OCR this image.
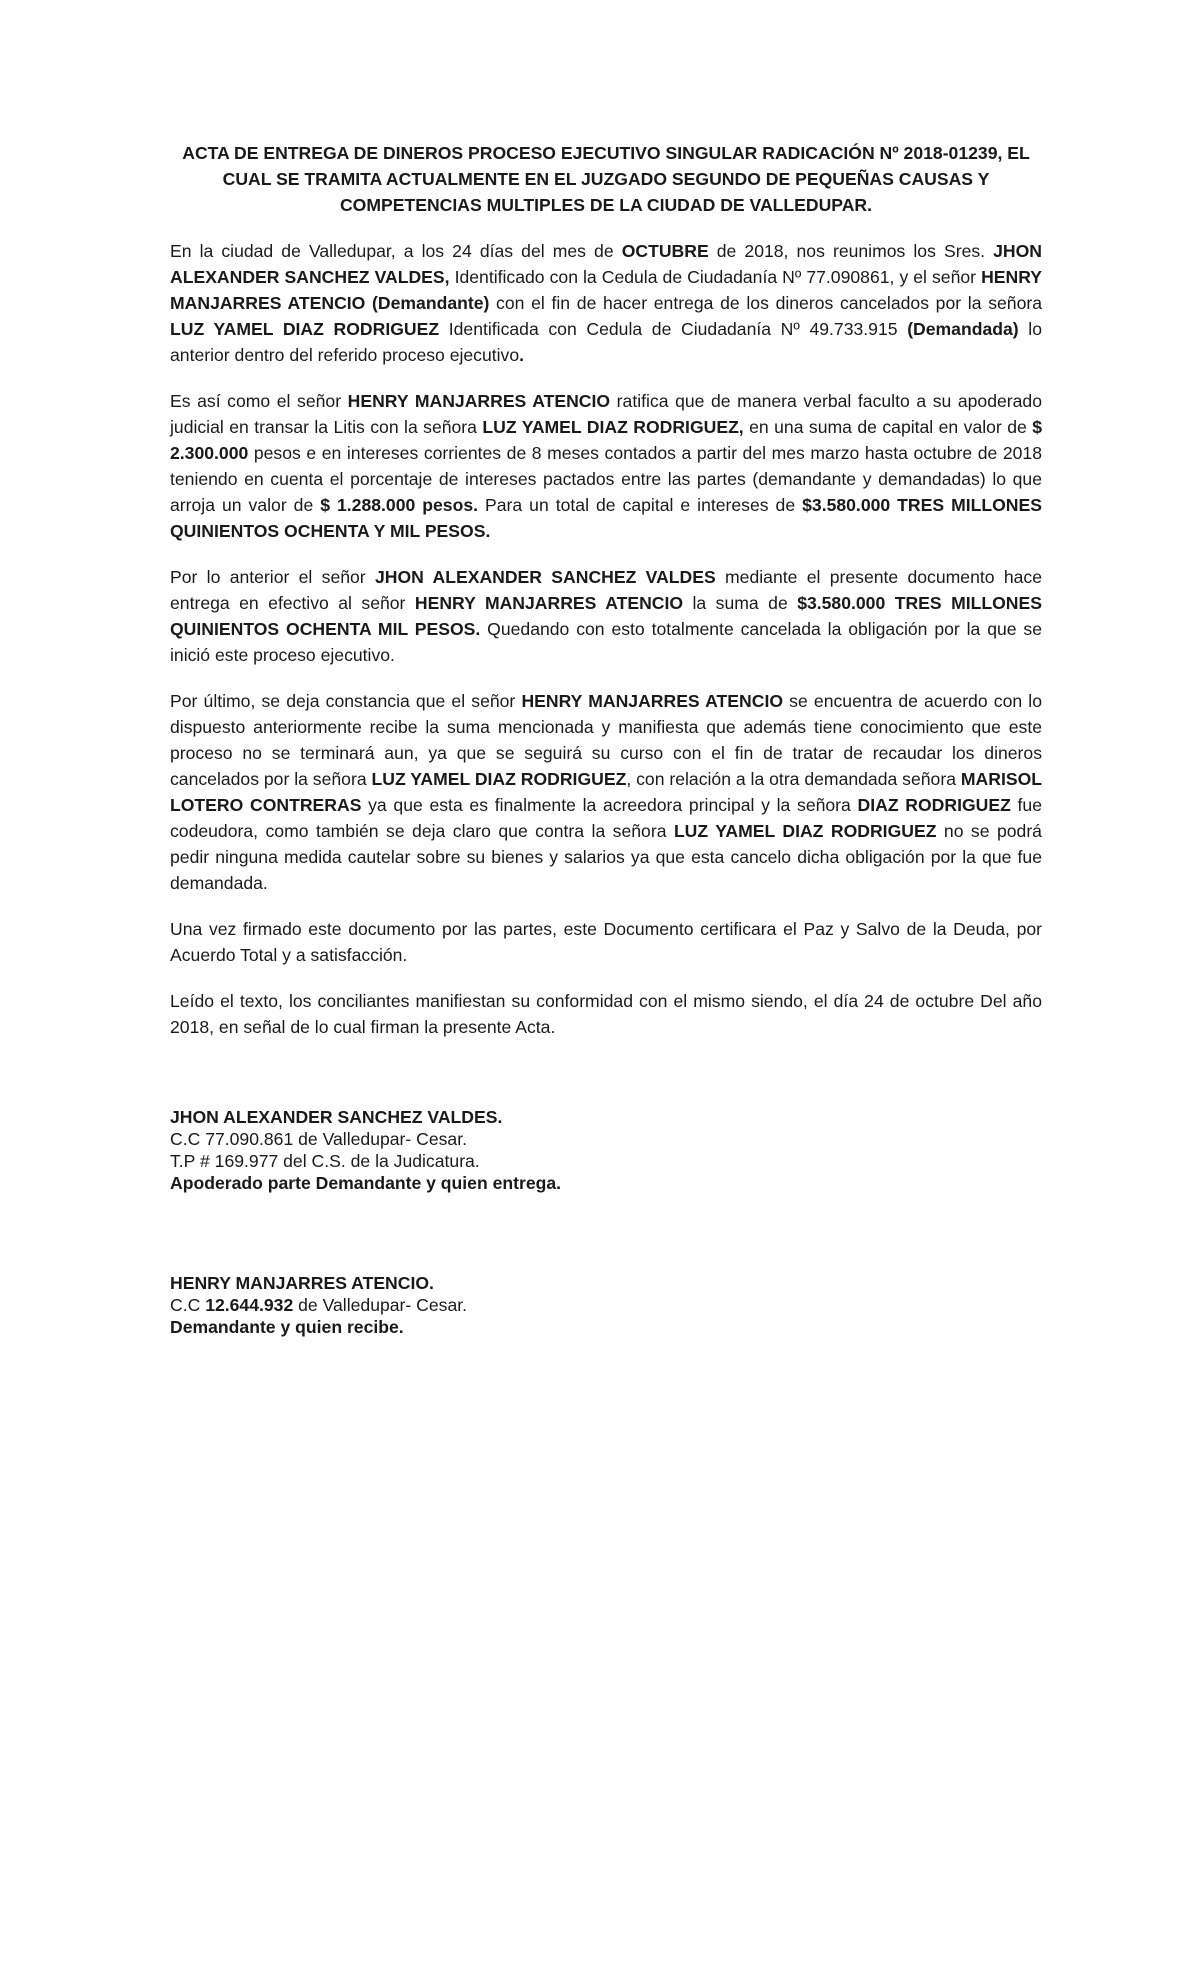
ACTA DE ENTREGA DE DINEROS PROCESO EJECUTIVO SINGULAR RADICACIÓN Nº 2018-01239, EL CUAL SE TRAMITA ACTUALMENTE EN EL JUZGADO SEGUNDO DE PEQUEÑAS CAUSAS Y COMPETENCIAS MULTIPLES DE LA CIUDAD DE VALLEDUPAR.

En la ciudad de Valledupar, a los 24 días del mes de OCTUBRE de 2018, nos reunimos los Sres. JHON ALEXANDER SANCHEZ VALDES, Identificado con la Cedula de Ciudadanía Nº 77.090861, y el señor HENRY MANJARRES ATENCIO (Demandante) con el fin de hacer entrega de los dineros cancelados por la señora LUZ YAMEL DIAZ RODRIGUEZ Identificada con Cedula de Ciudadanía Nº 49.733.915 (Demandada) lo anterior dentro del referido proceso ejecutivo.

Es así como el señor HENRY MANJARRES ATENCIO ratifica que de manera verbal faculto a su apoderado judicial en transar la Litis con la señora LUZ YAMEL DIAZ RODRIGUEZ, en una suma de capital en valor de $ 2.300.000 pesos e en intereses corrientes de 8 meses contados a partir del mes marzo hasta octubre de 2018 teniendo en cuenta el porcentaje de intereses pactados entre las partes (demandante y demandadas) lo que arroja un valor de $ 1.288.000 pesos. Para un total de capital e intereses de $3.580.000 TRES MILLONES QUINIENTOS OCHENTA Y MIL PESOS.

Por lo anterior el señor JHON ALEXANDER SANCHEZ VALDES mediante el presente documento hace entrega en efectivo al señor HENRY MANJARRES ATENCIO la suma de $3.580.000 TRES MILLONES QUINIENTOS OCHENTA MIL PESOS. Quedando con esto totalmente cancelada la obligación por la que se inició este proceso ejecutivo.

Por último, se deja constancia que el señor HENRY MANJARRES ATENCIO se encuentra de acuerdo con lo dispuesto anteriormente recibe la suma mencionada y manifiesta que además tiene conocimiento que este proceso no se terminará aun, ya que se seguirá su curso con el fin de tratar de recaudar los dineros cancelados por la señora LUZ YAMEL DIAZ RODRIGUEZ, con relación a la otra demandada señora MARISOL LOTERO CONTRERAS ya que esta es finalmente la acreedora principal y la señora DIAZ RODRIGUEZ fue codeudora, como también se deja claro que contra la señora LUZ YAMEL DIAZ RODRIGUEZ no se podrá pedir ninguna medida cautelar sobre su bienes y salarios ya que esta cancelo dicha obligación por la que fue demandada.

Una vez firmado este documento por las partes, este Documento certificara el Paz y Salvo de la Deuda, por Acuerdo Total y a satisfacción.

Leído el texto, los conciliantes manifiestan su conformidad con el mismo siendo, el día 24 de octubre Del año 2018, en señal de lo cual firman la presente Acta.

JHON ALEXANDER SANCHEZ VALDES.
C.C 77.090.861 de Valledupar- Cesar.
T.P # 169.977 del C.S. de la Judicatura.
Apoderado parte Demandante y quien entrega.
HENRY MANJARRES ATENCIO.
C.C 12.644.932 de Valledupar- Cesar.
Demandante y quien recibe.
